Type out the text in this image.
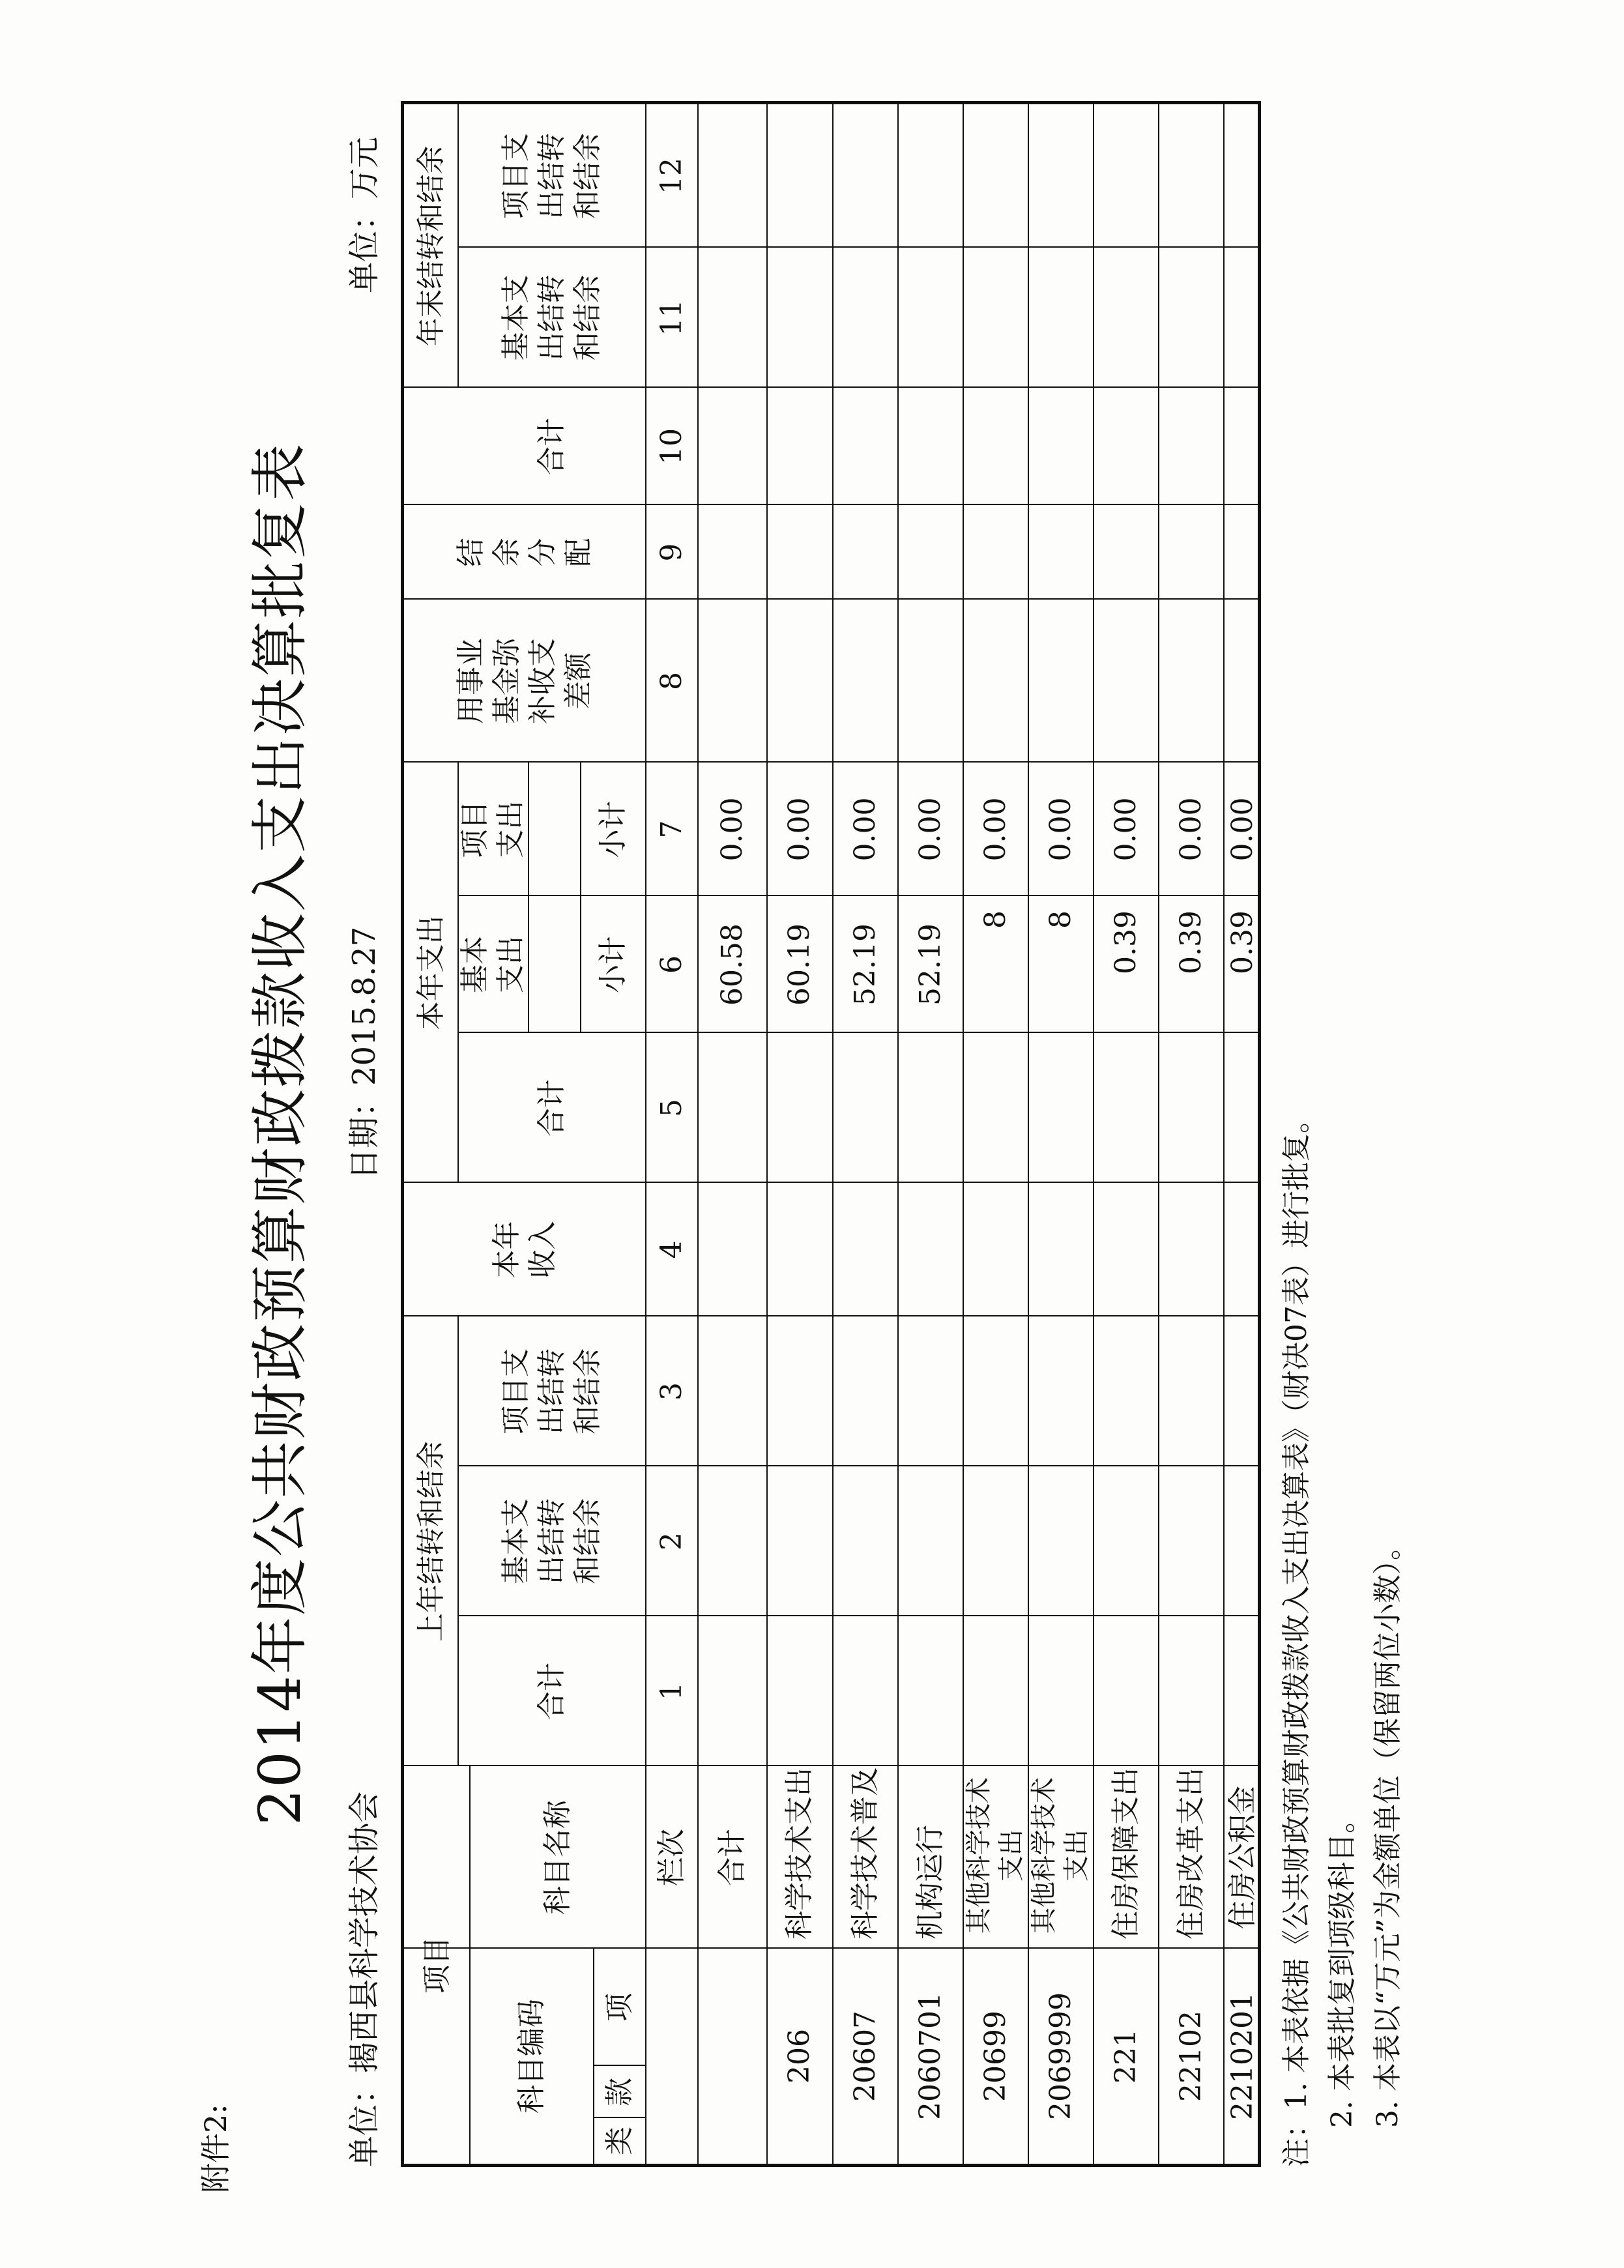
附件2:
2014年度公共财政预算财政拨款收入支出决算批复表
单位：揭西县科学技术协会
日期：2015.8.27
单位：万元
项目
科目编码
科目名称
类
款
项
栏次
上年结转和结余
合计
基本支
出结转
和结余
项目支
出结转
和结余
本年
收入
本年支出
合计
基本
支出
项目
支出
小计
小计
用事业
基金弥
补收支
差额
结
余
分
配
年末结转和结余
合计
基本支
出结转
和结余
项目支
出结转
和结余
1
2
3
4
5
6
7
8
9
10
11
12
合计
60.58
0.00
206
科学技术支出
60.19
0.00
20607
科学技术普及
52.19
0.00
2060701
机构运行
52.19
0.00
20699
其他科学技术支出
8
0.00
2069999
其他科学技术支出
8
0.00
221
住房保障支出
0.39
0.00
22102
住房改革支出
0.39
0.00
2210201
住房公积金
0.39
0.00
注：1. 本表依据《公共财政预算财政拨款收入支出决算表》（财决07表）进行批复。 2. 本表批复到项级科目。 3. 本表以“万元”为金额单位（保留两位小数）。
